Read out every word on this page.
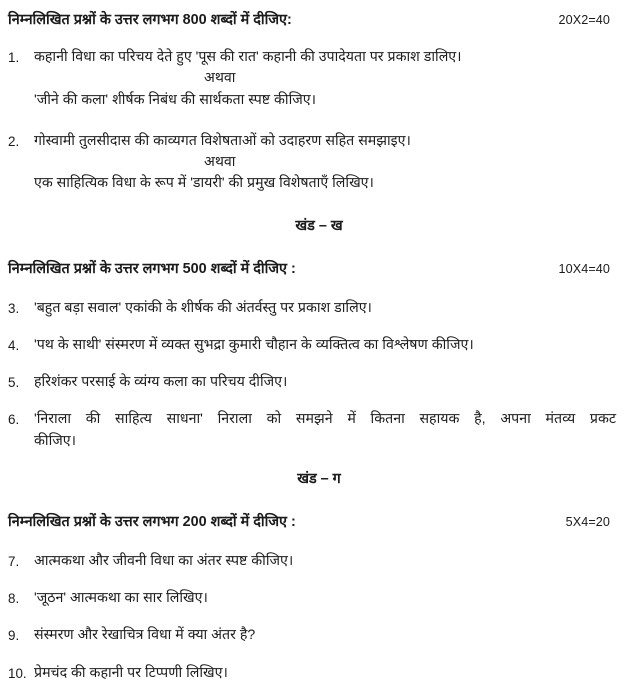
निम्नलिखित प्रश्नों के उत्तर लगभग 800 शब्दों में दीजिए:	20X2=40
1.	कहानी विधा का परिचय देते हुए 'पूस की रात' कहानी की उपादेयता पर प्रकाश डालिए।
अथवा
'जीने की कला' शीर्षक निबंध की सार्थकता स्पष्ट कीजिए।
2.	गोस्वामी तुलसीदास की काव्यगत विशेषताओं को उदाहरण सहित समझाइए।
अथवा
एक साहित्यिक विधा के रूप में 'डायरी' की प्रमुख विशेषताएँ लिखिए।
खंड – ख
निम्नलिखित प्रश्नों के उत्तर लगभग 500 शब्दों में दीजिए :	10X4=40
3.	'बहुत बड़ा सवाल' एकांकी के शीर्षक की अंतर्वस्तु पर प्रकाश डालिए।
4.	'पथ के साथी' संस्मरण में व्यक्त सुभद्रा कुमारी चौहान के व्यक्तित्व का विश्लेषण कीजिए।
5.	हरिशंकर परसाई के व्यंग्य कला का परिचय दीजिए।
6.	'निराला की साहित्य साधना' निराला को समझने में कितना सहायक है, अपना मंतव्य प्रकट
कीजिए।
खंड – ग
निम्नलिखित प्रश्नों के उत्तर लगभग 200 शब्दों में दीजिए :	5X4=20
7.	आत्मकथा और जीवनी विधा का अंतर स्पष्ट कीजिए।
8.	'जूठन' आत्मकथा का सार लिखिए।
9.	संस्मरण और रेखाचित्र विधा में क्या अंतर है?
10. प्रेमचंद की कहानी पर टिप्पणी लिखिए।
